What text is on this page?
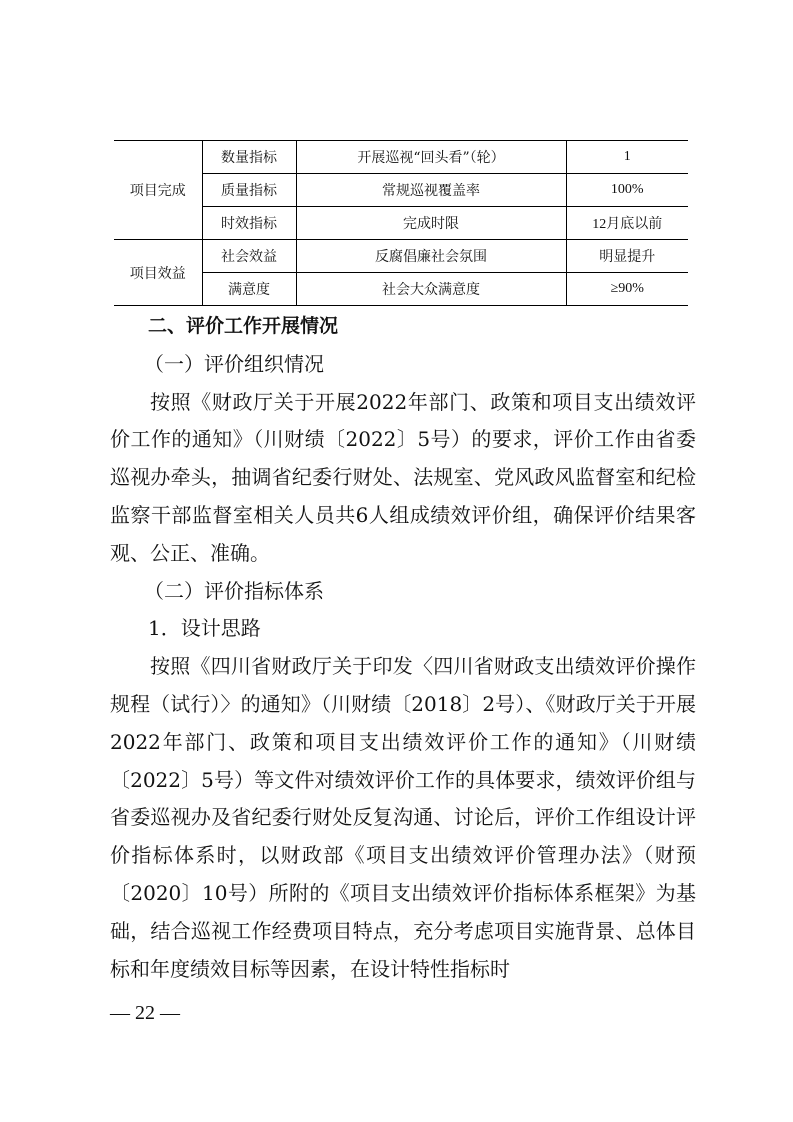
项目完成	数量指标	开展巡视“回头看”（轮）	1
	质量指标	常规巡视覆盖率	100%
	时效指标	完成时限	12月底以前
项目效益	社会效益	反腐倡廉社会氛围	明显提升
	满意度	社会大众满意度	≥90%

二、评价工作开展情况

（一）评价组织情况

按照《财政厅关于开展2022年部门、政策和项目支出绩效评价工作的通知》（川财绩〔2022〕5号）的要求，评价工作由省委巡视办牵头，抽调省纪委行财处、法规室、党风政风监督室和纪检监察干部监督室相关人员共6人组成绩效评价组，确保评价结果客观、公正、准确。

（二）评价指标体系

1．设计思路

按照《四川省财政厅关于印发〈四川省财政支出绩效评价操作规程（试行）〉的通知》（川财绩〔2018〕2号）、《财政厅关于开展2022年部门、政策和项目支出绩效评价工作的通知》（川财绩〔2022〕5号）等文件对绩效评价工作的具体要求，绩效评价组与省委巡视办及省纪委行财处反复沟通、讨论后，评价工作组设计评价指标体系时，以财政部《项目支出绩效评价管理办法》（财预〔2020〕10号）所附的《项目支出绩效评价指标体系框架》为基础，结合巡视工作经费项目特点，充分考虑项目实施背景、总体目标和年度绩效目标等因素，在设计特性指标时

— 22 —
